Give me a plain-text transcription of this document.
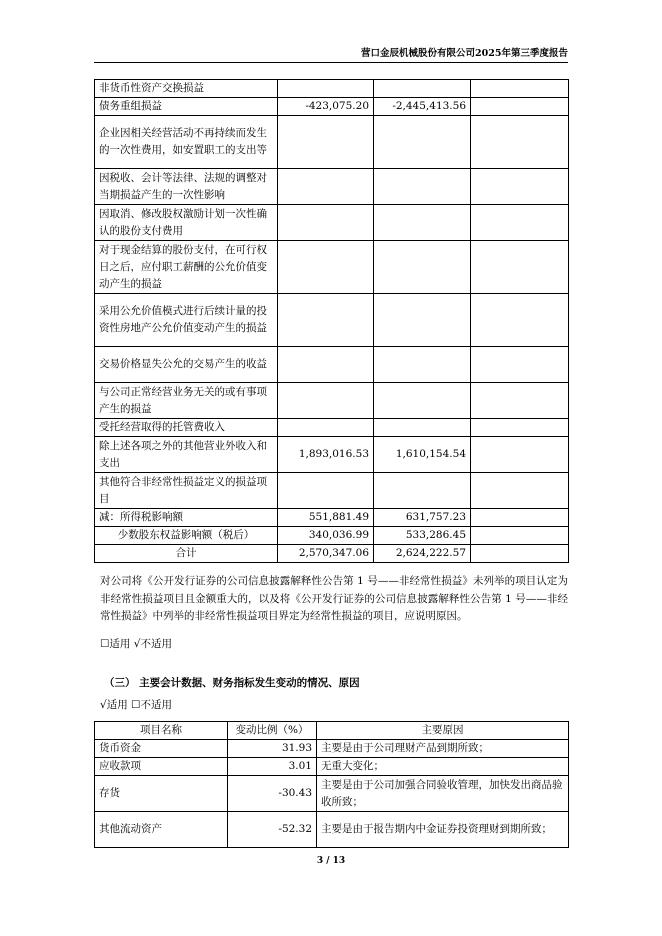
营口金辰机械股份有限公司2025年第三季度报告
非货币性资产交换损益			
债务重组损益	-423,075.20	-2,445,413.56	
企业因相关经营活动不再持续而发生的一次性费用，如安置职工的支出等			
因税收、会计等法律、法规的调整对当期损益产生的一次性影响			
因取消、修改股权激励计划一次性确认的股份支付费用			
对于现金结算的股份支付，在可行权日之后，应付职工薪酬的公允价值变动产生的损益			
采用公允价值模式进行后续计量的投资性房地产公允价值变动产生的损益			
交易价格显失公允的交易产生的收益			
与公司正常经营业务无关的或有事项产生的损益			
受托经营取得的托管费收入			
除上述各项之外的其他营业外收入和支出	1,893,016.53	1,610,154.54	
其他符合非经常性损益定义的损益项目			
减：所得税影响额	551,881.49	631,757.23	
少数股东权益影响额（税后）	340,036.99	533,286.45	
合计	2,570,347.06	2,624,222.57	
对公司将《公开发行证券的公司信息披露解释性公告第 1 号——非经常性损益》未列举的项目认定为非经常性损益项目且金额重大的，以及将《公开发行证券的公司信息披露解释性公告第 1 号——非经常性损益》中列举的非经常性损益项目界定为经常性损益的项目，应说明原因。
☐适用 √不适用
（三） 主要会计数据、财务指标发生变动的情况、原因
√适用 ☐不适用
项目名称	变动比例（%）	主要原因
货币资金	31.93	主要是由于公司理财产品到期所致；
应收款项	3.01	无重大变化；
存货	-30.43	主要是由于公司加强合同验收管理，加快发出商品验收所致；
其他流动资产	-52.32	主要是由于报告期内中金证券投资理财到期所致；
3 / 13
